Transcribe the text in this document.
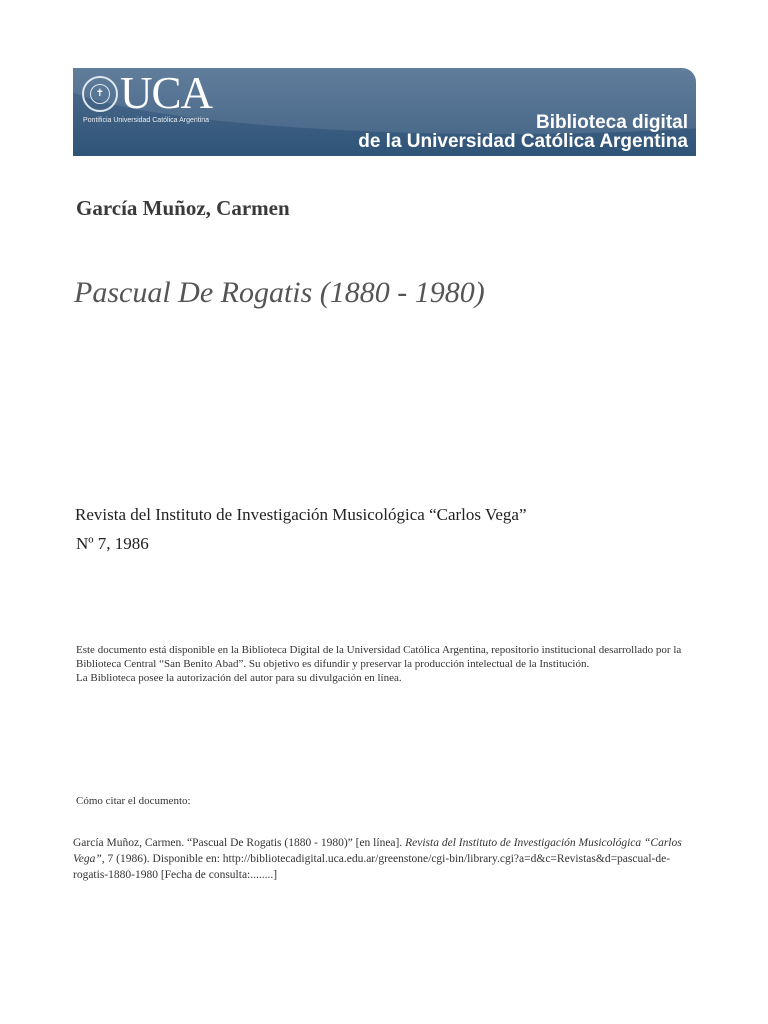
✝ UCA
Pontificia Universidad Católica Argentina	Biblioteca digital
de la Universidad Católica Argentina
García Muñoz, Carmen
Pascual De Rogatis (1880 - 1980)
Revista del Instituto de Investigación Musicológica “Carlos Vega”
Nº 7, 1986

Este documento está disponible en la Biblioteca Digital de la Universidad Católica Argentina, repositorio institucional desarrollado por la Biblioteca Central “San Benito Abad”. Su objetivo es difundir y preservar la producción intelectual de la Institución.

La Biblioteca posee la autorización del autor para su divulgación en línea.

Cómo citar el documento:
García Muñoz, Carmen. “Pascual De Rogatis (1880 - 1980)” [en línea]. Revista del Instituto de Investigación Musicológica “Carlos Vega”, 7 (1986). Disponible en: http://bibliotecadigital.uca.edu.ar/greenstone/cgi-bin/library.cgi?a=d&c=Revistas&d=pascual-de-rogatis-1880-1980 [Fecha de consulta:........]
